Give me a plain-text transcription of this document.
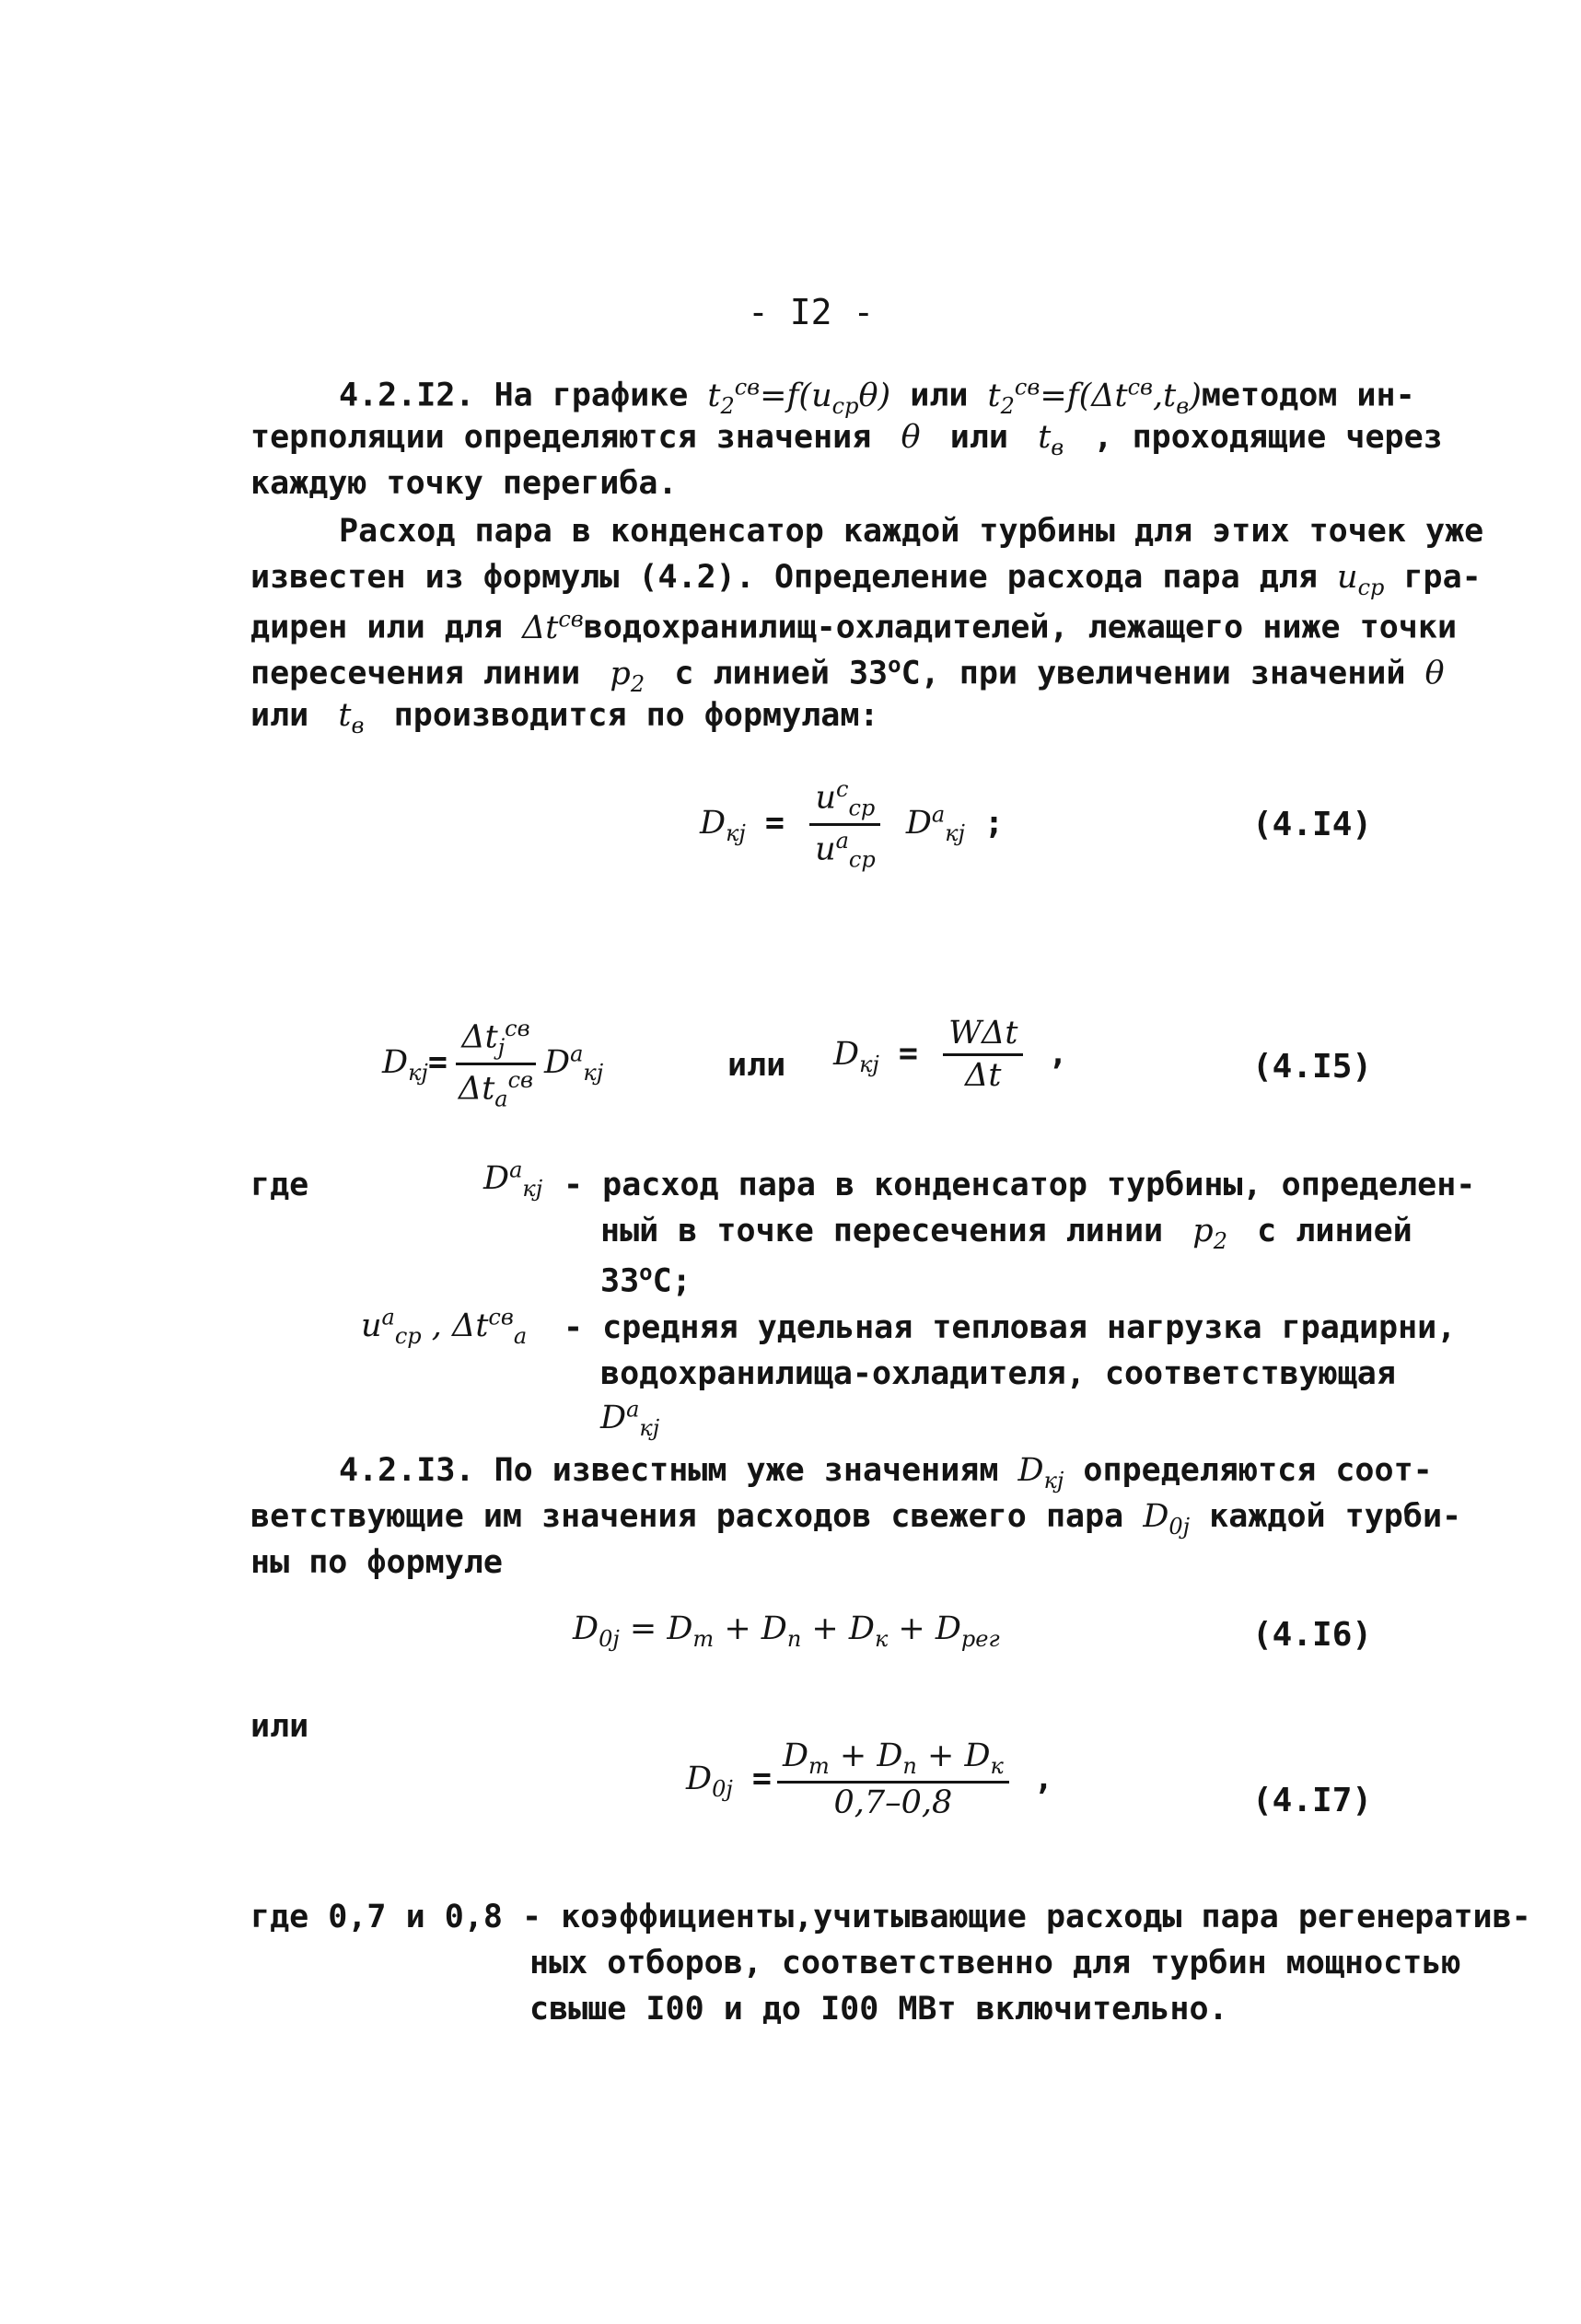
- I2 -
4.2.I2. На графике $t_2^{св}=f(u_{ср}\theta)$ или $t_2^{св}=f(\Delta t^{св},t_в)методом$ ин-
терполяции определяются значения  θ  или  $t_в$  , проходящие через
каждую точку перегиба.
Расход пара в конденсатор каждой турбины для этих точек уже
известен из формулы (4.2). Определение расхода пара для $u_{ср}$ гра-
дирен или для $\Delta t^{св}водохранилищ$-охладителей, лежащего ниже точки
пересечения линии  $p_2$  с линией $33^оС$, при увеличении значений θ
или  $t_в$  производится по формулам:
$D_{кj} = \frac{u^с_{ср}}{u^а_{ср}} D^а_{кj}$ ;	(4.I4)
$D_{кj}= \frac{\Delta t_j^{св}}{\Delta t_а^{св}} D^а_{кj}$	или $D_{кj} = \frac{\text{WΔt}}{\Delta t}$ ,	(4.I5)
где	$D^а_{кj}$ - расход пара в конденсатор турбины, определен-
ный в точке пересечения линии  $p_2$  с линией
$33^оС$;
$u^а_{ср}$ , $\Delta t^{св}_а$ - средняя удельная тепловая нагрузка градирни,
водохранилища-охладителя, соответствующая
$D^а_{кj}$
4.2.I3. По известным уже значениям $D_{кj}$ определяются соот-
ветствующие им значения расходов свежего пара $D_{0j}$ каждой турби-
ны по формуле
$D_{0j} = D_т + D_п + D_к + D_{рег}$	(4.I6)
или
$D_{0j} = \frac{D_т + D_п + D_к}{0,7-0,8}$ ,
(4.I7)
где 0,7 и 0,8 - коэффициенты,учитывающие расходы пара регенератив-
ных отборов, соответственно для турбин мощностью
свыше I00 и до I00 МВт включительно.
